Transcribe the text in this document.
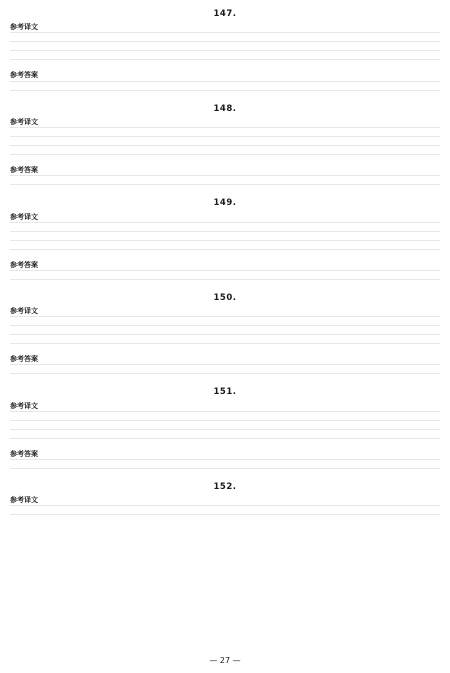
147.
参考译文
参考答案
148.
参考译文
参考答案
149.
参考译文
参考答案
150.
参考译文
参考答案
151.
参考译文
参考答案
152.
参考译文
— 27 —
